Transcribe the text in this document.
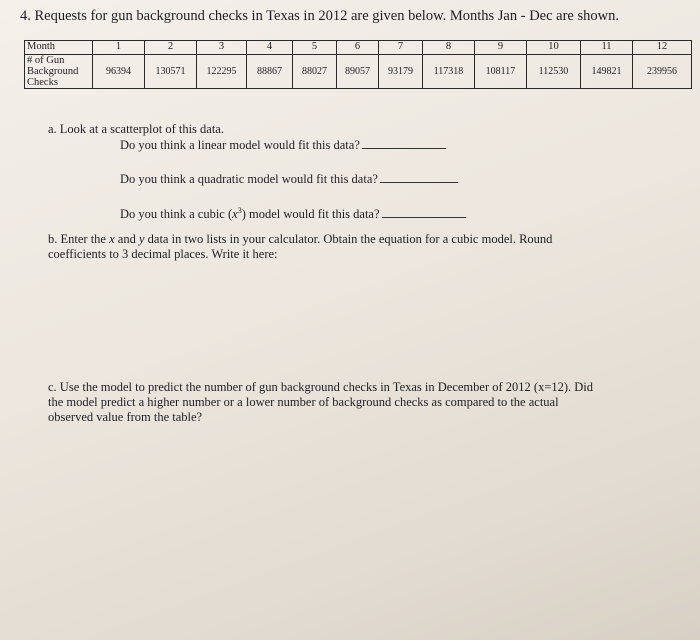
4. Requests for gun background checks in Texas in 2012 are given below. Months Jan - Dec are shown.
Month	1	2	3	4	5	6	7	8	9	10	11	12

# of Gun
Background
Checks	96394	130571	122295	88867	88027	89057	93179	117318	108117	112530	149821	239956
a. Look at a scatterplot of this data.
Do you think a linear model would fit this data?
Do you think a quadratic model would fit this data?
Do you think a cubic $(x^3)$ model would fit this data?
b. Enter the x and y data in two lists in your calculator. Obtain the equation for a cubic model. Round
coefficients to 3 decimal places. Write it here:
c. Use the model to predict the number of gun background checks in Texas in December of 2012 (x=12). Did
the model predict a higher number or a lower number of background checks as compared to the actual
observed value from the table?
